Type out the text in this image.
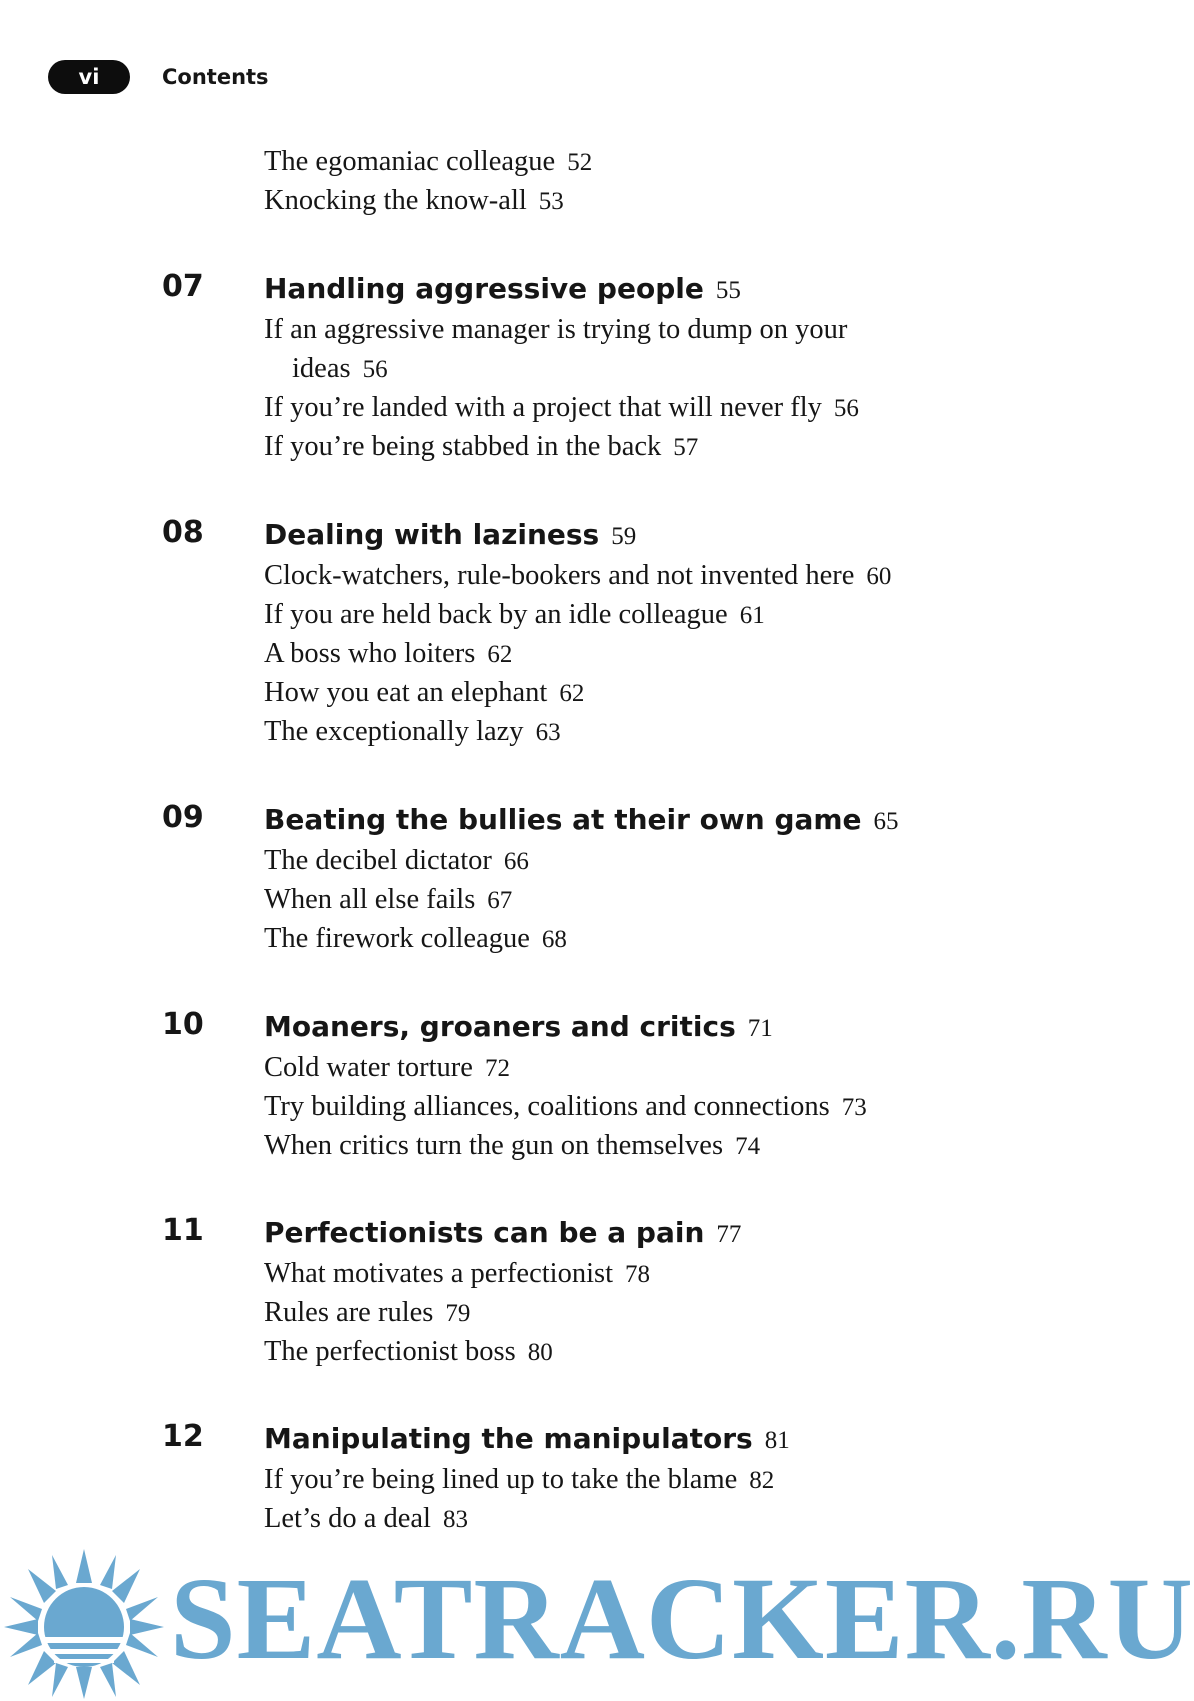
vi	Contents
The egomaniac colleague 52
Knocking the know-all 53
07 Handling aggressive people 55
If an aggressive manager is trying to dump on your
ideas 56
If you’re landed with a project that will never fly 56
If you’re being stabbed in the back 57
08 Dealing with laziness 59
Clock-watchers, rule-bookers and not invented here 60
If you are held back by an idle colleague 61
A boss who loiters 62
How you eat an elephant 62
The exceptionally lazy 63
09 Beating the bullies at their own game 65
The decibel dictator 66
When all else fails 67
The firework colleague 68
10 Moaners, groaners and critics 71
Cold water torture 72
Try building alliances, coalitions and connections 73
When critics turn the gun on themselves 74
11 Perfectionists can be a pain 77
What motivates a perfectionist 78
Rules are rules 79
The perfectionist boss 80
12 Manipulating the manipulators 81
If you’re being lined up to take the blame 82
Let’s do a deal 83
SEATRACKER.RU
